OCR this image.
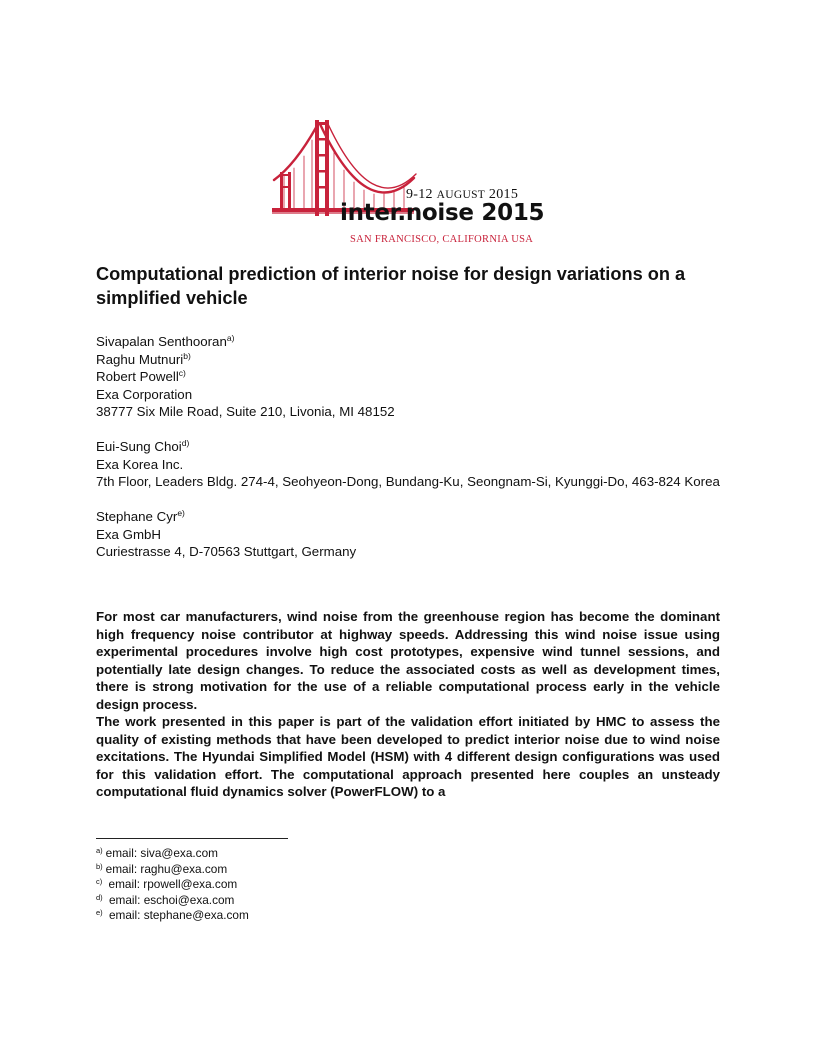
9-12 AUGUST 2015
inter.noise 2015
SAN FRANCISCO, CALIFORNIA USA
Computational prediction of interior noise for design variations on a simplified vehicle
Sivapalan Senthooran$^{a)}$
Raghu Mutnuri$^{b)}$
Robert Powell$^{c)}$
Exa Corporation
38777 Six Mile Road, Suite 210, Livonia, MI 48152
Eui-Sung Choi$^{d)}$
Exa Korea Inc.
7th Floor, Leaders Bldg. 274-4, Seohyeon-Dong, Bundang-Ku, Seongnam-Si, Kyunggi-Do, 463-824 Korea
Stephane Cyr$^{e)}$
Exa GmbH
Curiestrasse 4, D-70563 Stuttgart, Germany

For most car manufacturers, wind noise from the greenhouse region has become the dominant high frequency noise contributor at highway speeds. Addressing this wind noise issue using experimental procedures involve high cost prototypes, expensive wind tunnel sessions, and potentially late design changes. To reduce the associated costs as well as development times, there is strong motivation for the use of a reliable computational process early in the vehicle design process.

The work presented in this paper is part of the validation effort initiated by HMC to assess the quality of existing methods that have been developed to predict interior noise due to wind noise excitations. The Hyundai Simplified Model (HSM) with 4 different design configurations was used for this validation effort. The computational approach presented here couples an unsteady computational fluid dynamics solver (PowerFLOW) to a

$^{a)}$ email: siva@exa.com
$^{b)}$ email: raghu@exa.com
$^{c)}$ email: rpowell@exa.com
$^{d)}$ email: eschoi@exa.com
$^{e)}$ email: stephane@exa.com
